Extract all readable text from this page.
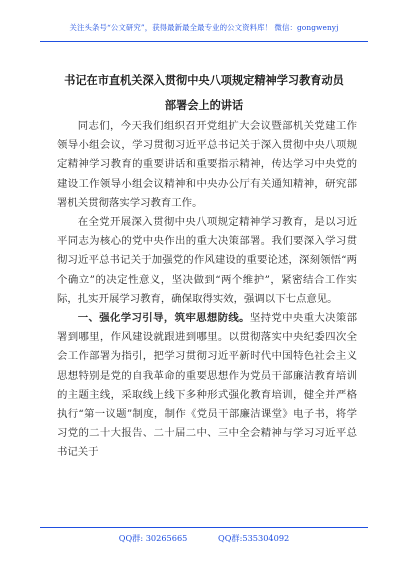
关注头条号“公文研究”，获得最新最全最专业的公文资料库！ 微信：gongwenyj
书记在市直机关深入贯彻中央八项规定精神学习教育动员
部署会上的讲话

同志们，今天我们组织召开党组扩大会议暨部机关党建工作领导小组会议，学习贯彻习近平总书记关于深入贯彻中央八项规定精神学习教育的重要讲话和重要指示精神，传达学习中央党的建设工作领导小组会议精神和中央办公厅有关通知精神，研究部署机关贯彻落实学习教育工作。

在全党开展深入贯彻中央八项规定精神学习教育，是以习近平同志为核心的党中央作出的重大决策部署。我们要深入学习贯彻习近平总书记关于加强党的作风建设的重要论述，深刻领悟“两个确立”的决定性意义，坚决做到“两个维护”，紧密结合工作实际，扎实开展学习教育，确保取得实效，强调以下七点意见。

一、强化学习引导，筑牢思想防线。坚持党中央重大决策部署到哪里，作风建设就跟进到哪里。以贯彻落实中央纪委四次全会工作部署为指引，把学习贯彻习近平新时代中国特色社会主义思想特别是党的自我革命的重要思想作为党员干部廉洁教育培训的主题主线，采取线上线下多种形式强化教育培训，健全并严格执行“第一议题”制度，制作《党员干部廉洁课堂》电子书，将学习党的二十大报告、二十届二中、三中全会精神与学习习近平总书记关于

QQ群: 30265665	QQ群:535304092
